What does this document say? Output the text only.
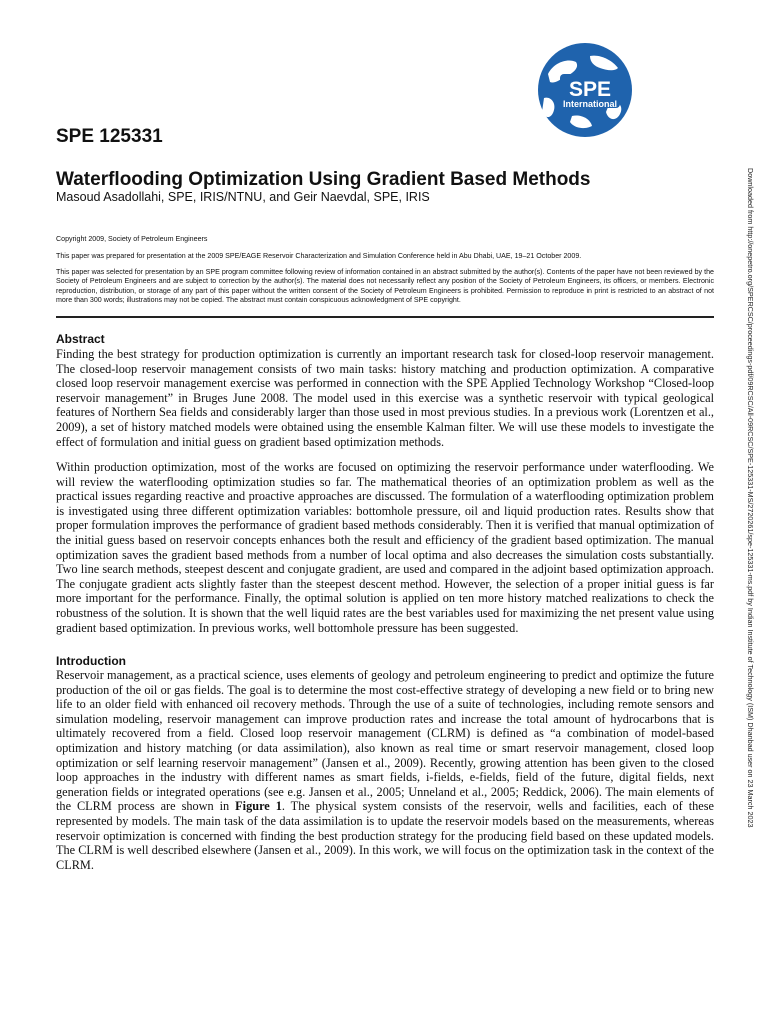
SPE
International
SPE 125331
Waterflooding Optimization Using Gradient Based Methods

Masoud Asadollahi, SPE, IRIS/NTNU, and Geir Naevdal, SPE, IRIS

Copyright 2009, Society of Petroleum Engineers

This paper was prepared for presentation at the 2009 SPE/EAGE Reservoir Characterization and Simulation Conference held in Abu Dhabi, UAE, 19–21 October 2009.

This paper was selected for presentation by an SPE program committee following review of information contained in an abstract submitted by the author(s). Contents of the paper have not been reviewed by the Society of Petroleum Engineers and are subject to correction by the author(s). The material does not necessarily reflect any position of the Society of Petroleum Engineers, its officers, or members. Electronic reproduction, distribution, or storage of any part of this paper without the written consent of the Society of Petroleum Engineers is prohibited. Permission to reproduce in print is restricted to an abstract of not more than 300 words; illustrations may not be copied. The abstract must contain conspicuous acknowledgment of SPE copyright.

Abstract

Finding the best strategy for production optimization is currently an important research task for closed-loop reservoir management. The closed-loop reservoir management consists of two main tasks: history matching and production optimization. A comparative closed loop reservoir management exercise was performed in connection with the SPE Applied Technology Workshop “Closed-loop reservoir management” in Bruges June 2008. The model used in this exercise was a synthetic reservoir with typical geological features of Northern Sea fields and considerably larger than those used in most previous studies. In a previous work (Lorentzen et al., 2009), a set of history matched models were obtained using the ensemble Kalman filter. We will use these models to investigate the effect of formulation and initial guess on gradient based optimization methods.

Within production optimization, most of the works are focused on optimizing the reservoir performance under waterflooding. We will review the waterflooding optimization studies so far. The mathematical theories of an optimization problem as well as the practical issues regarding reactive and proactive approaches are discussed. The formulation of a waterflooding optimization problem is investigated using three different optimization variables: bottomhole pressure, oil and liquid production rates. Results show that proper formulation improves the performance of gradient based methods considerably. Then it is verified that manual optimization of the initial guess based on reservoir concepts enhances both the result and efficiency of the gradient based optimization. The manual optimization saves the gradient based methods from a number of local optima and also decreases the simulation costs substantially. Two line search methods, steepest descent and conjugate gradient, are used and compared in the adjoint based optimization approach. The conjugate gradient acts slightly faster than the steepest descent method. However, the selection of a proper initial guess is far more important for the performance. Finally, the optimal solution is applied on ten more history matched realizations to check the robustness of the solution. It is shown that the well liquid rates are the best variables used for maximizing the net present value using gradient based optimization. In previous works, well bottomhole pressure has been suggested.

Introduction

Reservoir management, as a practical science, uses elements of geology and petroleum engineering to predict and optimize the future production of the oil or gas fields. The goal is to determine the most cost-effective strategy of developing a new field or to bring new life to an older field with enhanced oil recovery methods. Through the use of a suite of technologies, including remote sensors and simulation modeling, reservoir management can improve production rates and increase the total amount of hydrocarbons that is ultimately recovered from a field. Closed loop reservoir management (CLRM) is defined as “a combination of model-based optimization and history matching (or data assimilation), also known as real time or smart reservoir management, closed loop optimization or self learning reservoir management” (Jansen et al., 2009). Recently, growing attention has been given to the closed loop approaches in the industry with different names as smart fields, i-fields, e-fields, field of the future, digital fields, next generation fields or integrated operations (see e.g. Jansen et al., 2005; Unneland et al., 2005; Reddick, 2006). The main elements of the CLRM process are shown in Figure 1. The physical system consists of the reservoir, wells and facilities, each of these represented by models. The main task of the data assimilation is to update the reservoir models based on the measurements, whereas reservoir optimization is concerned with finding the best production strategy for the producing field based on these updated models. The CLRM is well described elsewhere (Jansen et al., 2009). In this work, we will focus on the optimization task in the context of the CLRM.

Downloaded from http://onepetro.org/SPERCSC/proceedings-pdf/09RCSC/All-09RCSC/SPE-125331-MS/2720261/spe-125331-ms.pdf by Indian Institute of Technology (ISM) Dhanbad user on 23 March 2023
